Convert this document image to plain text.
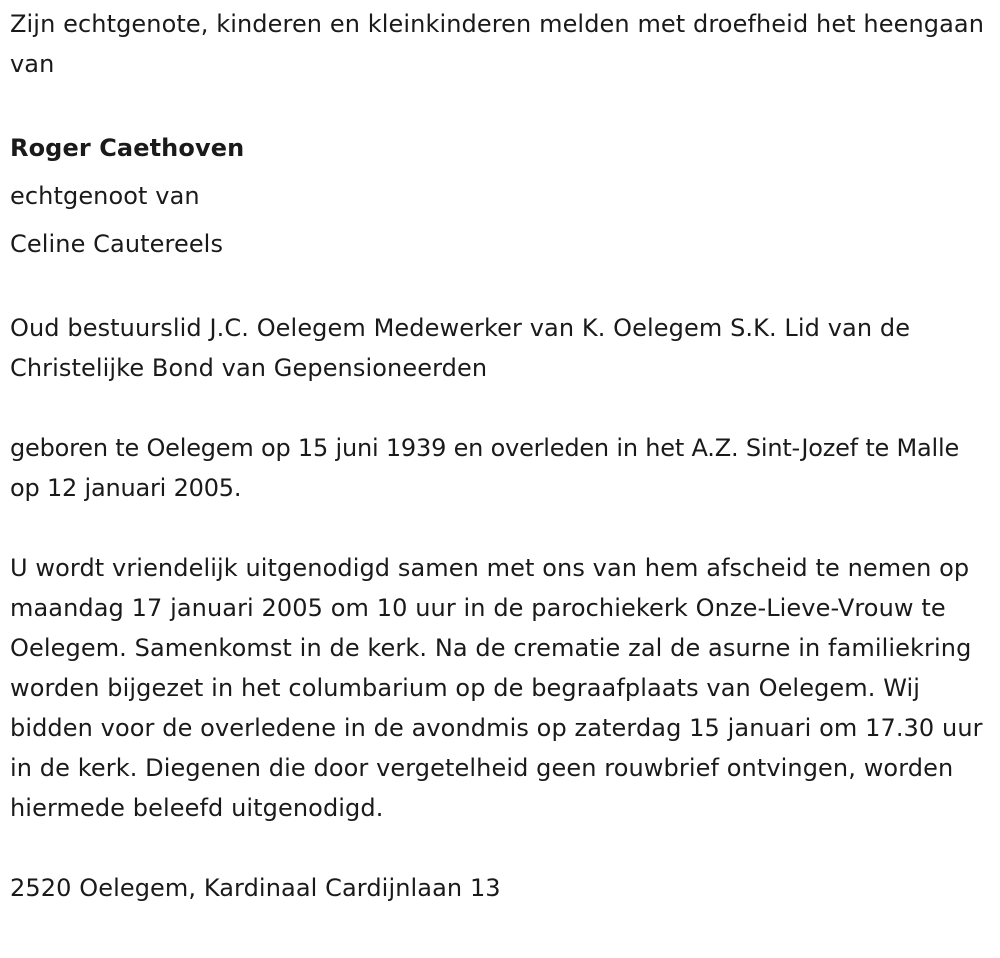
Zijn echtgenote, kinderen en kleinkinderen melden met droefheid het heengaan van

Roger Caethoven

echtgenoot van

Celine Cautereels

Oud bestuurslid J.C. Oelegem Medewerker van K. Oelegem S.K. Lid van de Christelijke Bond van Gepensioneerden

geboren te Oelegem op 15 juni 1939 en overleden in het A.Z. Sint-Jozef te Malle op 12 januari 2005.

U wordt vriendelijk uitgenodigd samen met ons van hem afscheid te nemen op maandag 17 januari 2005 om 10 uur in de parochiekerk Onze-Lieve-Vrouw te Oelegem. Samenkomst in de kerk. Na de crematie zal de asurne in familiekring worden bijgezet in het columbarium op de begraafplaats van Oelegem. Wij bidden voor de overledene in de avondmis op zaterdag 15 januari om 17.30 uur in de kerk. Diegenen die door vergetelheid geen rouwbrief ontvingen, worden hiermede beleefd uitgenodigd.

2520 Oelegem, Kardinaal Cardijnlaan 13
